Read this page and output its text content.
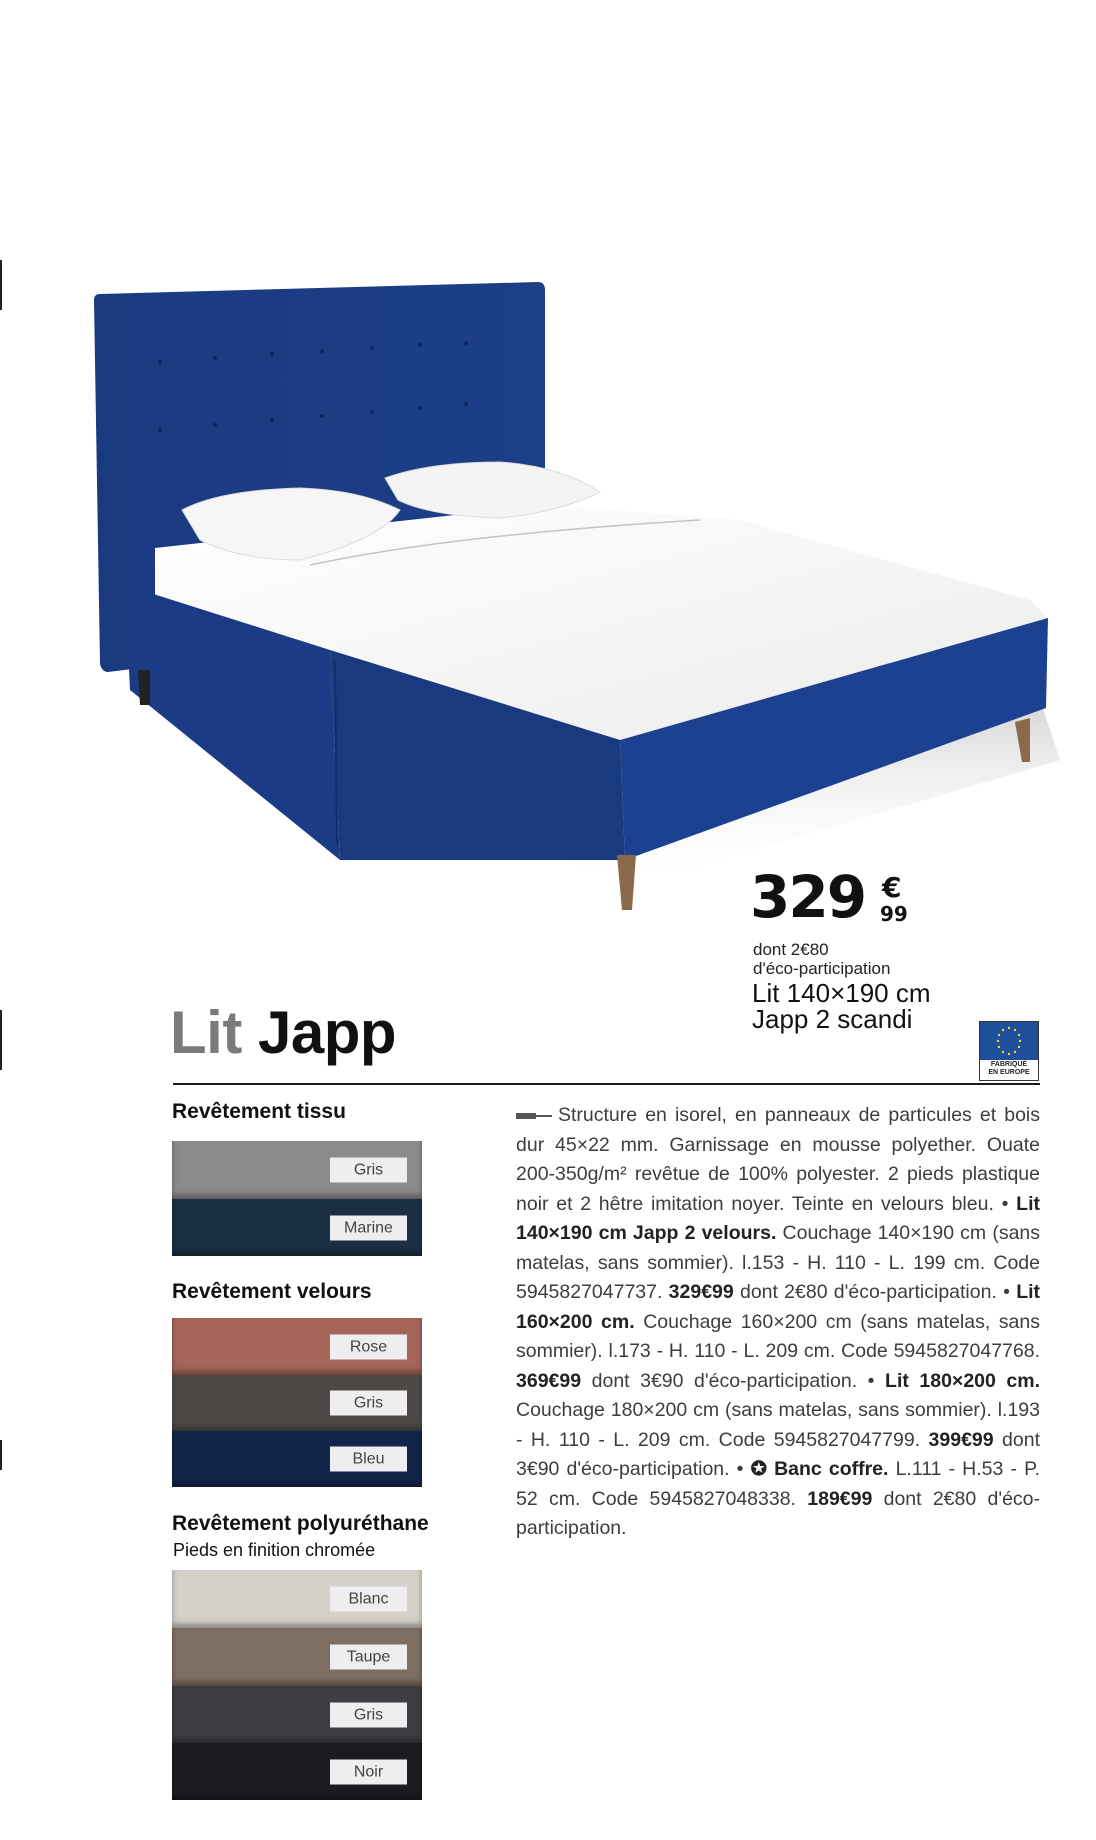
329 €
99
dont 2€80
d'éco-participation
Lit 140×190 cm
Japp 2 scandi
FABRIQUÉ
EN EUROPE
Lit Japp
Revêtement tissu
Gris
Marine
Revêtement velours
Rose
Gris
Bleu
Revêtement polyuréthane
Pieds en finition chromée
Blanc
Taupe
Gris
Noir
Structure en isorel, en panneaux de particules et bois dur 45×22 mm. Garnissage en mousse polyether. Ouate 200-350g/m² revêtue de 100% polyester. 2 pieds plastique noir et 2 hêtre imitation noyer. Teinte en velours bleu. • Lit 140×190 cm Japp 2 velours. Couchage 140×190 cm (sans matelas, sans sommier). l.153 - H. 110 - L. 199 cm. Code 5945827047737. 329€99 dont 2€80 d'éco-participation. • Lit 160×200 cm. Couchage 160×200 cm (sans matelas, sans sommier). l.173 - H. 110 - L. 209 cm. Code 5945827047768. 369€99 dont 3€90 d'éco-participation. • Lit 180×200 cm. Couchage 180×200 cm (sans matelas, sans sommier). l.193 - H. 110 - L. 209 cm. Code 5945827047799. 399€99 dont 3€90 d'éco-participation. • ✪ Banc coffre. L.111 - H.53 - P. 52 cm. Code 5945827048338. 189€99 dont 2€80 d'éco-participation.
